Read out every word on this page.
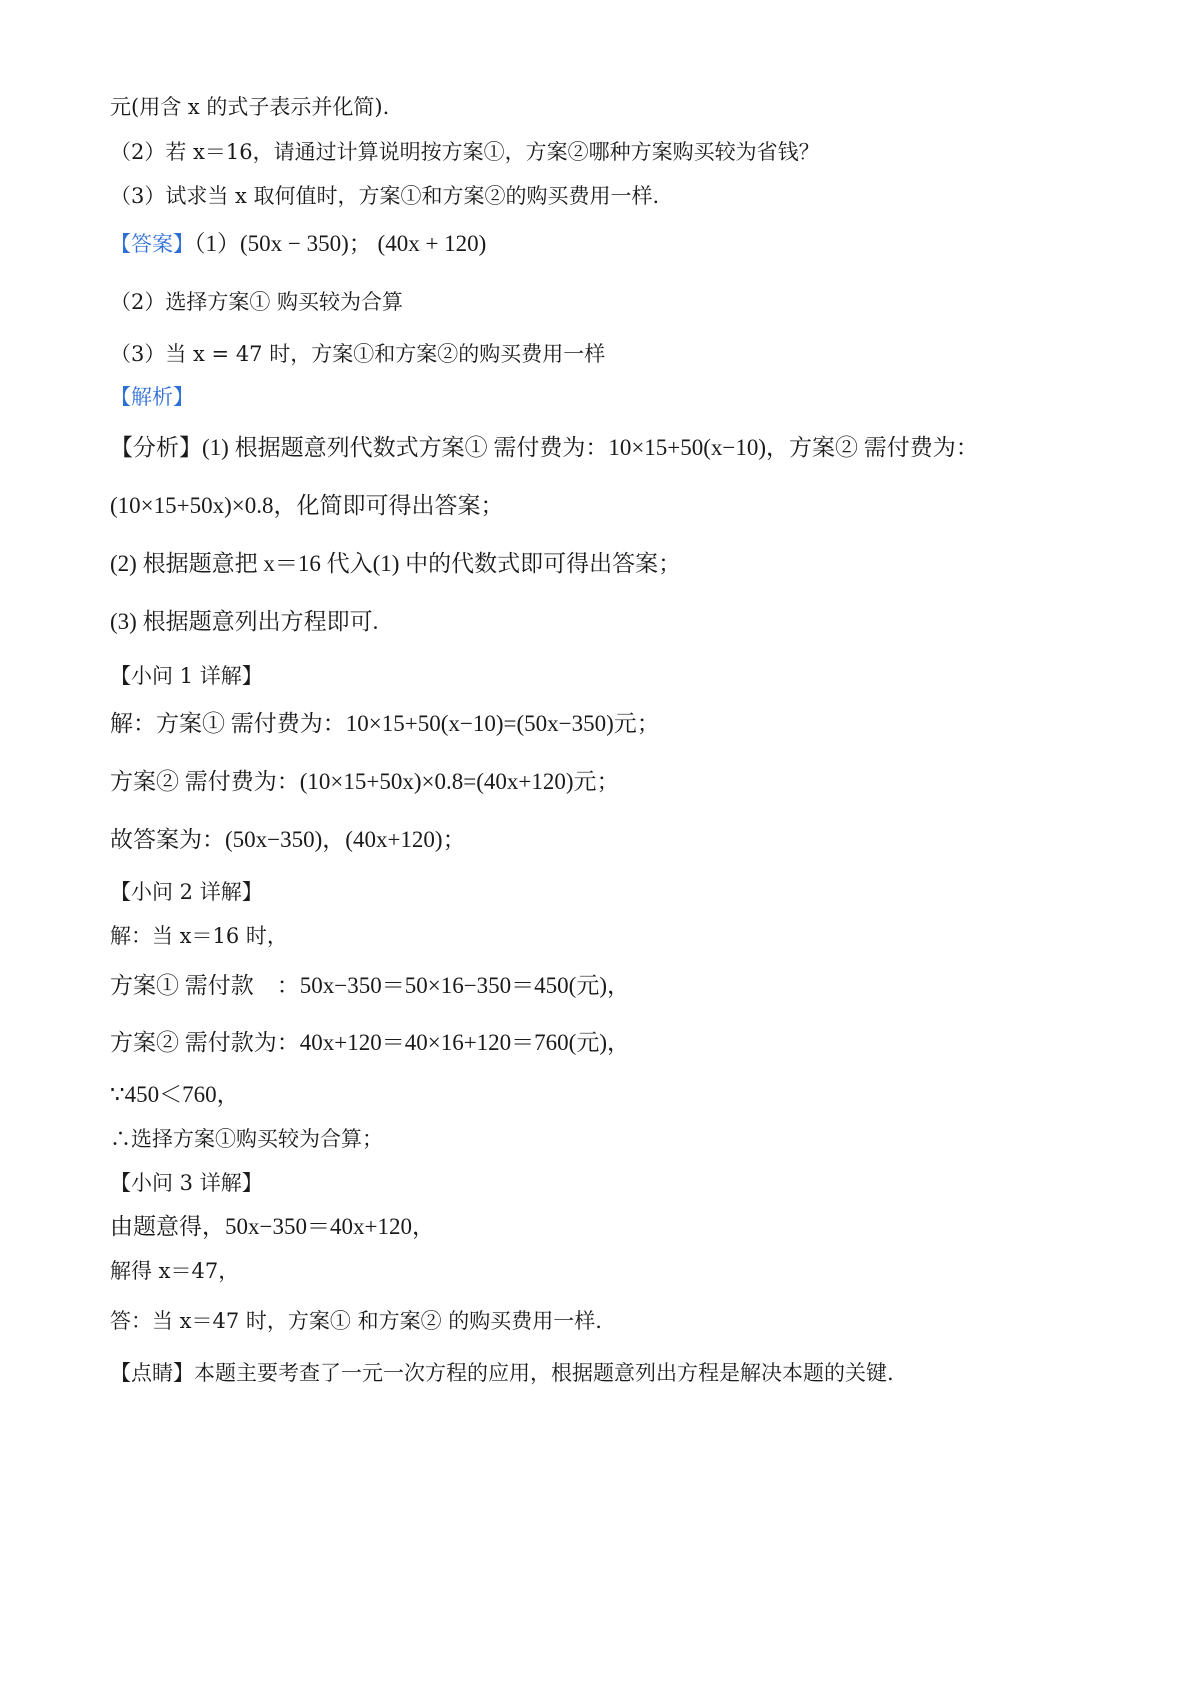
元(用含 x 的式子表示并化简).
（2）若 x＝16，请通过计算说明按方案①，方案②哪种方案购买较为省钱？
（3）试求当 x 取何值时，方案①和方案②的购买费用一样.
【答案】（1）(50x − 350)； (40x + 120)
（2）选择方案① 购买较为合算
（3）当 x = 47 时，方案①和方案②的购买费用一样
【解析】
【分析】(1) 根据题意列代数式方案① 需付费为：10×15+50(x−10)，方案② 需付费为：
(10×15+50x)×0.8，化简即可得出答案；
(2) 根据题意把 x＝16 代入(1) 中的代数式即可得出答案；
(3) 根据题意列出方程即可.
【小问 1 详解】
解：方案① 需付费为：10×15+50(x−10)=(50x−350)元；
方案② 需付费为：(10×15+50x)×0.8=(40x+120)元；
故答案为：(50x−350)，(40x+120)；
【小问 2 详解】
解：当 x＝16 时，
方案① 需付款　：50x−350＝50×16−350＝450(元)，
方案② 需付款为：40x+120＝40×16+120＝760(元)，
∵450＜760，
∴选择方案①购买较为合算；
【小问 3 详解】
由题意得，50x−350＝40x+120，
解得 x＝47，
答：当 x＝47 时，方案① 和方案② 的购买费用一样.
【点睛】本题主要考查了一元一次方程的应用，根据题意列出方程是解决本题的关键.
